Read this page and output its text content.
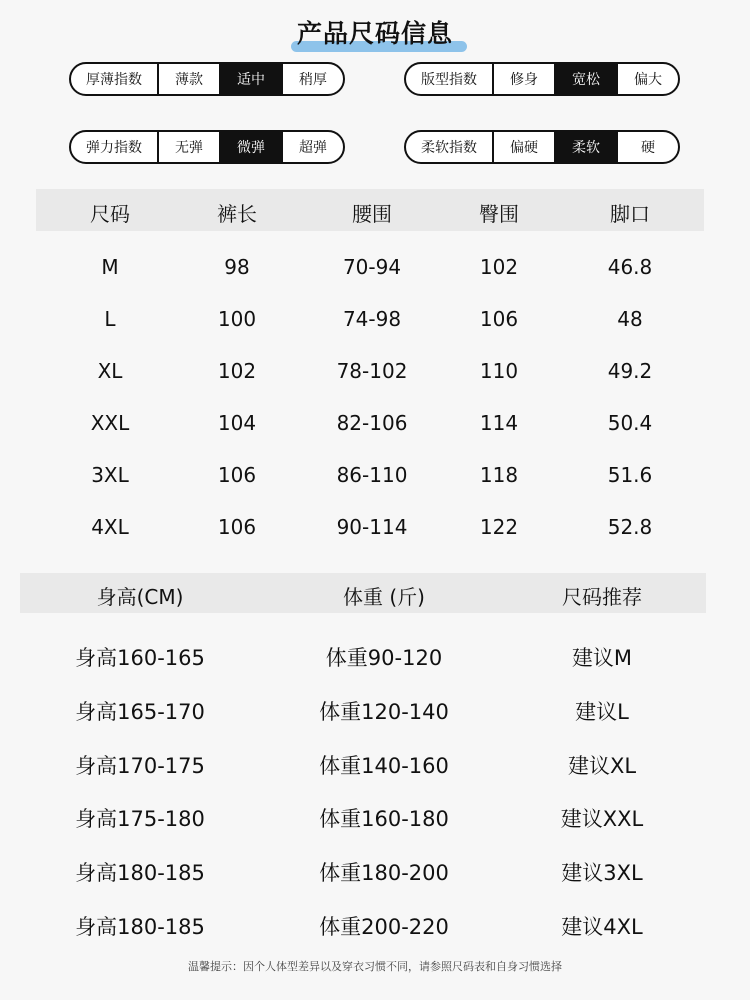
产品尺码信息
厚薄指数	薄款	适中	稍厚	版型指数	修身	宽松	偏大
弹力指数	无弹	微弹	超弹	柔软指数	偏硬	柔软	硬
尺码	裤长	腰围	臀围	脚口
M	98	70-94	102	46.8
L	100	74-98	106	48
XL	102	78-102	110	49.2
XXL	104	82-106	114	50.4
3XL	106	86-110	118	51.6
4XL	106	90-114	122	52.8
身高(CM)	体重 (斤)	尺码推荐
身高160-165	体重90-120	建议M
身高165-170	体重120-140	建议L
身高170-175	体重140-160	建议XL
身高175-180	体重160-180	建议XXL
身高180-185	体重180-200	建议3XL
身高180-185	体重200-220	建议4XL
温馨提示：因个人体型差异以及穿衣习惯不同，请参照尺码表和自身习惯选择
